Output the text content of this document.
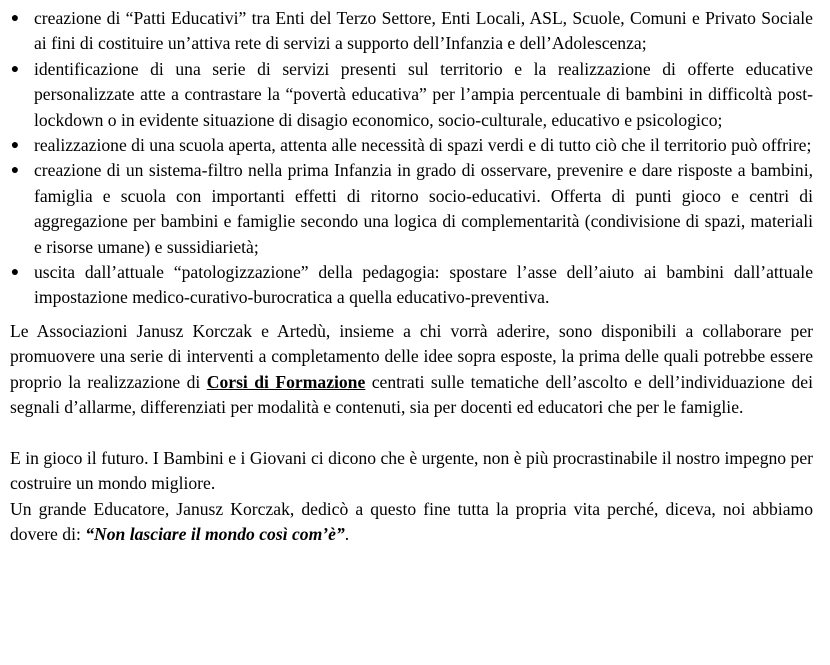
● creazione di “Patti Educativi” tra Enti del Terzo Settore, Enti Locali, ASL, Scuole, Comuni e Privato Sociale ai fini di costituire un’attiva rete di servizi a supporto dell’Infanzia e dell’Adolescenza;
● identificazione di una serie di servizi presenti sul territorio e la realizzazione di offerte educative personalizzate atte a contrastare la “povertà educativa” per l’ampia percentuale di bambini in difficoltà post-lockdown o in evidente situazione di disagio economico, socio-culturale, educativo e psicologico;
● realizzazione di una scuola aperta, attenta alle necessità di spazi verdi e di tutto ciò che il territorio può offrire;
● creazione di un sistema-filtro nella prima Infanzia in grado di osservare, prevenire e dare risposte a bambini, famiglia e scuola con importanti effetti di ritorno socio-educativi. Offerta di punti gioco e centri di aggregazione per bambini e famiglie secondo una logica di complementarità (condivisione di spazi, materiali e risorse umane) e sussidiarietà;
● uscita dall’attuale “patologizzazione” della pedagogia: spostare l’asse dell’aiuto ai bambini dall’attuale impostazione medico-curativo-burocratica a quella educativo-preventiva.

Le Associazioni Janusz Korczak e Artedù, insieme a chi vorrà aderire, sono disponibili a collaborare per promuovere una serie di interventi a completamento delle idee sopra esposte, la prima delle quali potrebbe essere proprio la realizzazione di Corsi di Formazione centrati sulle tematiche dell’ascolto e dell’individuazione dei segnali d’allarme, differenziati per modalità e contenuti, sia per docenti ed educatori che per le famiglie.

E in gioco il futuro. I Bambini e i Giovani ci dicono che è urgente, non è più procrastinabile il nostro impegno per costruire un mondo migliore.

Un grande Educatore, Janusz Korczak, dedicò a questo fine tutta la propria vita perché, diceva, noi abbiamo dovere di: “Non lasciare il mondo così com’è”.
